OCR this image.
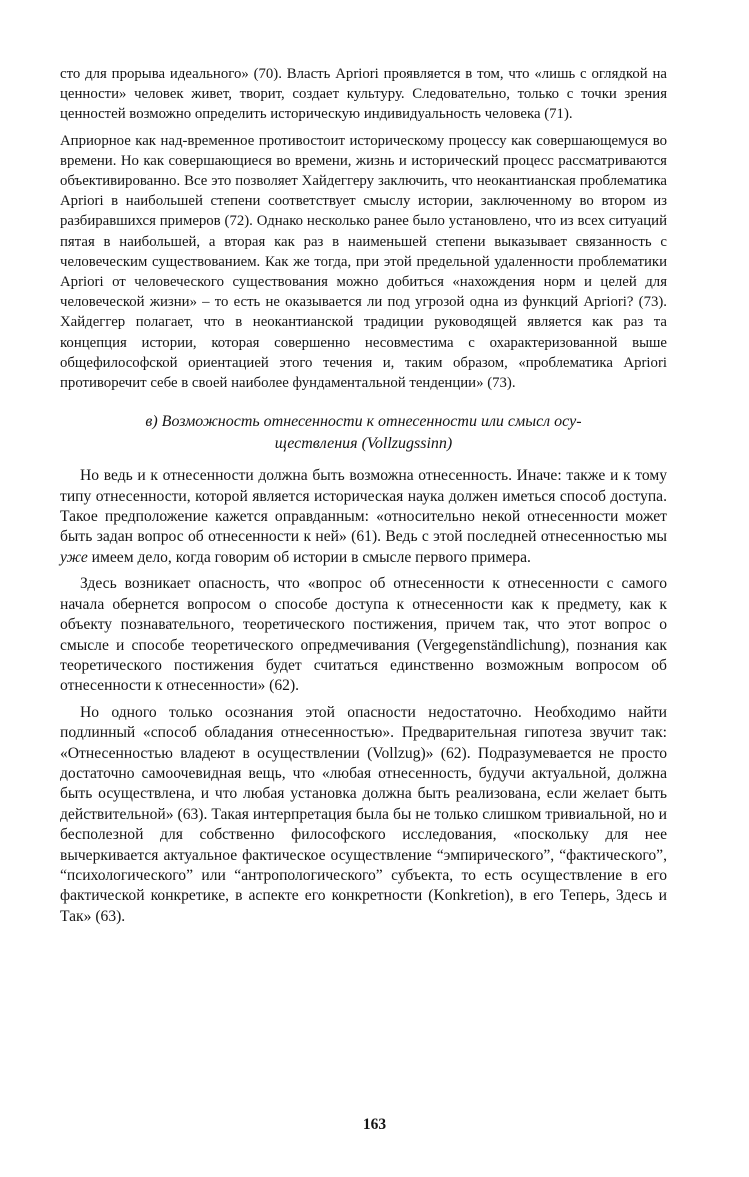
сто для прорыва идеального» (70). Власть Apriori проявляется в том, что «лишь с оглядкой на ценности» человек живет, творит, создает культуру. Следовательно, только с точки зрения ценностей возможно определить историческую индивидуальность человека (71).

Априорное как над-временное противостоит историческому процессу как совершающемуся во времени. Но как совершающиеся во времени, жизнь и исторический процесс рассматриваются объективированно. Все это позволяет Хайдеггеру заключить, что неокантианская проблематика Apriori в наибольшей степени соответствует смыслу истории, заключенному во втором из разбиравшихся примеров (72). Однако несколько ранее было установлено, что из всех ситуаций пятая в наибольшей, а вторая как раз в наименьшей степени выказывает связанность с человеческим существованием. Как же тогда, при этой предельной удаленности проблематики Apriori от человеческого существования можно добиться «нахождения норм и целей для человеческой жизни» – то есть не оказывается ли под угрозой одна из функций Apriori? (73). Хайдеггер полагает, что в неокантианской традиции руководящей является как раз та концепция истории, которая совершенно несовместима с охарактеризованной выше общефилософской ориентацией этого течения и, таким образом, «проблематика Apriori противоречит себе в своей наиболее фундаментальной тенденции» (73).

в) Возможность отнесенности к отнесенности или смысл осу-
ществления (Vollzugssinn)

Но ведь и к отнесенности должна быть возможна отнесенность. Иначе: также и к тому типу отнесенности, которой является историческая наука должен иметься способ доступа. Такое предположение кажется оправданным: «относительно некой отнесенности может быть задан вопрос об отнесенности к ней» (61). Ведь с этой последней отнесенностью мы уже имеем дело, когда говорим об истории в смысле первого примера.

Здесь возникает опасность, что «вопрос об отнесенности к отнесенности с самого начала обернется вопросом о способе доступа к отнесенности как к предмету, как к объекту познавательного, теоретического постижения, причем так, что этот вопрос о смысле и способе теоретического опредмечивания (Vergegenständlichung), познания как теоретического постижения будет считаться единственно возможным вопросом об отнесенности к отнесенности» (62).

Но одного только осознания этой опасности недостаточно. Необходимо найти подлинный «способ обладания отнесенностью». Предварительная гипотеза звучит так: «Отнесенностью владеют в осуществлении (Vollzug)» (62). Подразумевается не просто достаточно самоочевидная вещь, что «любая отнесенность, будучи актуальной, должна быть осуществлена, и что любая установка должна быть реализована, если желает быть действительной» (63). Такая интерпретация была бы не только слишком тривиальной, но и бесполезной для собственно философского исследования, «поскольку для нее вычеркивается актуальное фактическое осуществление “эмпирического”, “фактического”, “психологического” или “антропологического” субъекта, то есть осуществление в его фактической конкретике, в аспекте его конкретности (Konkretion), в его Теперь, Здесь и Так» (63).

163
